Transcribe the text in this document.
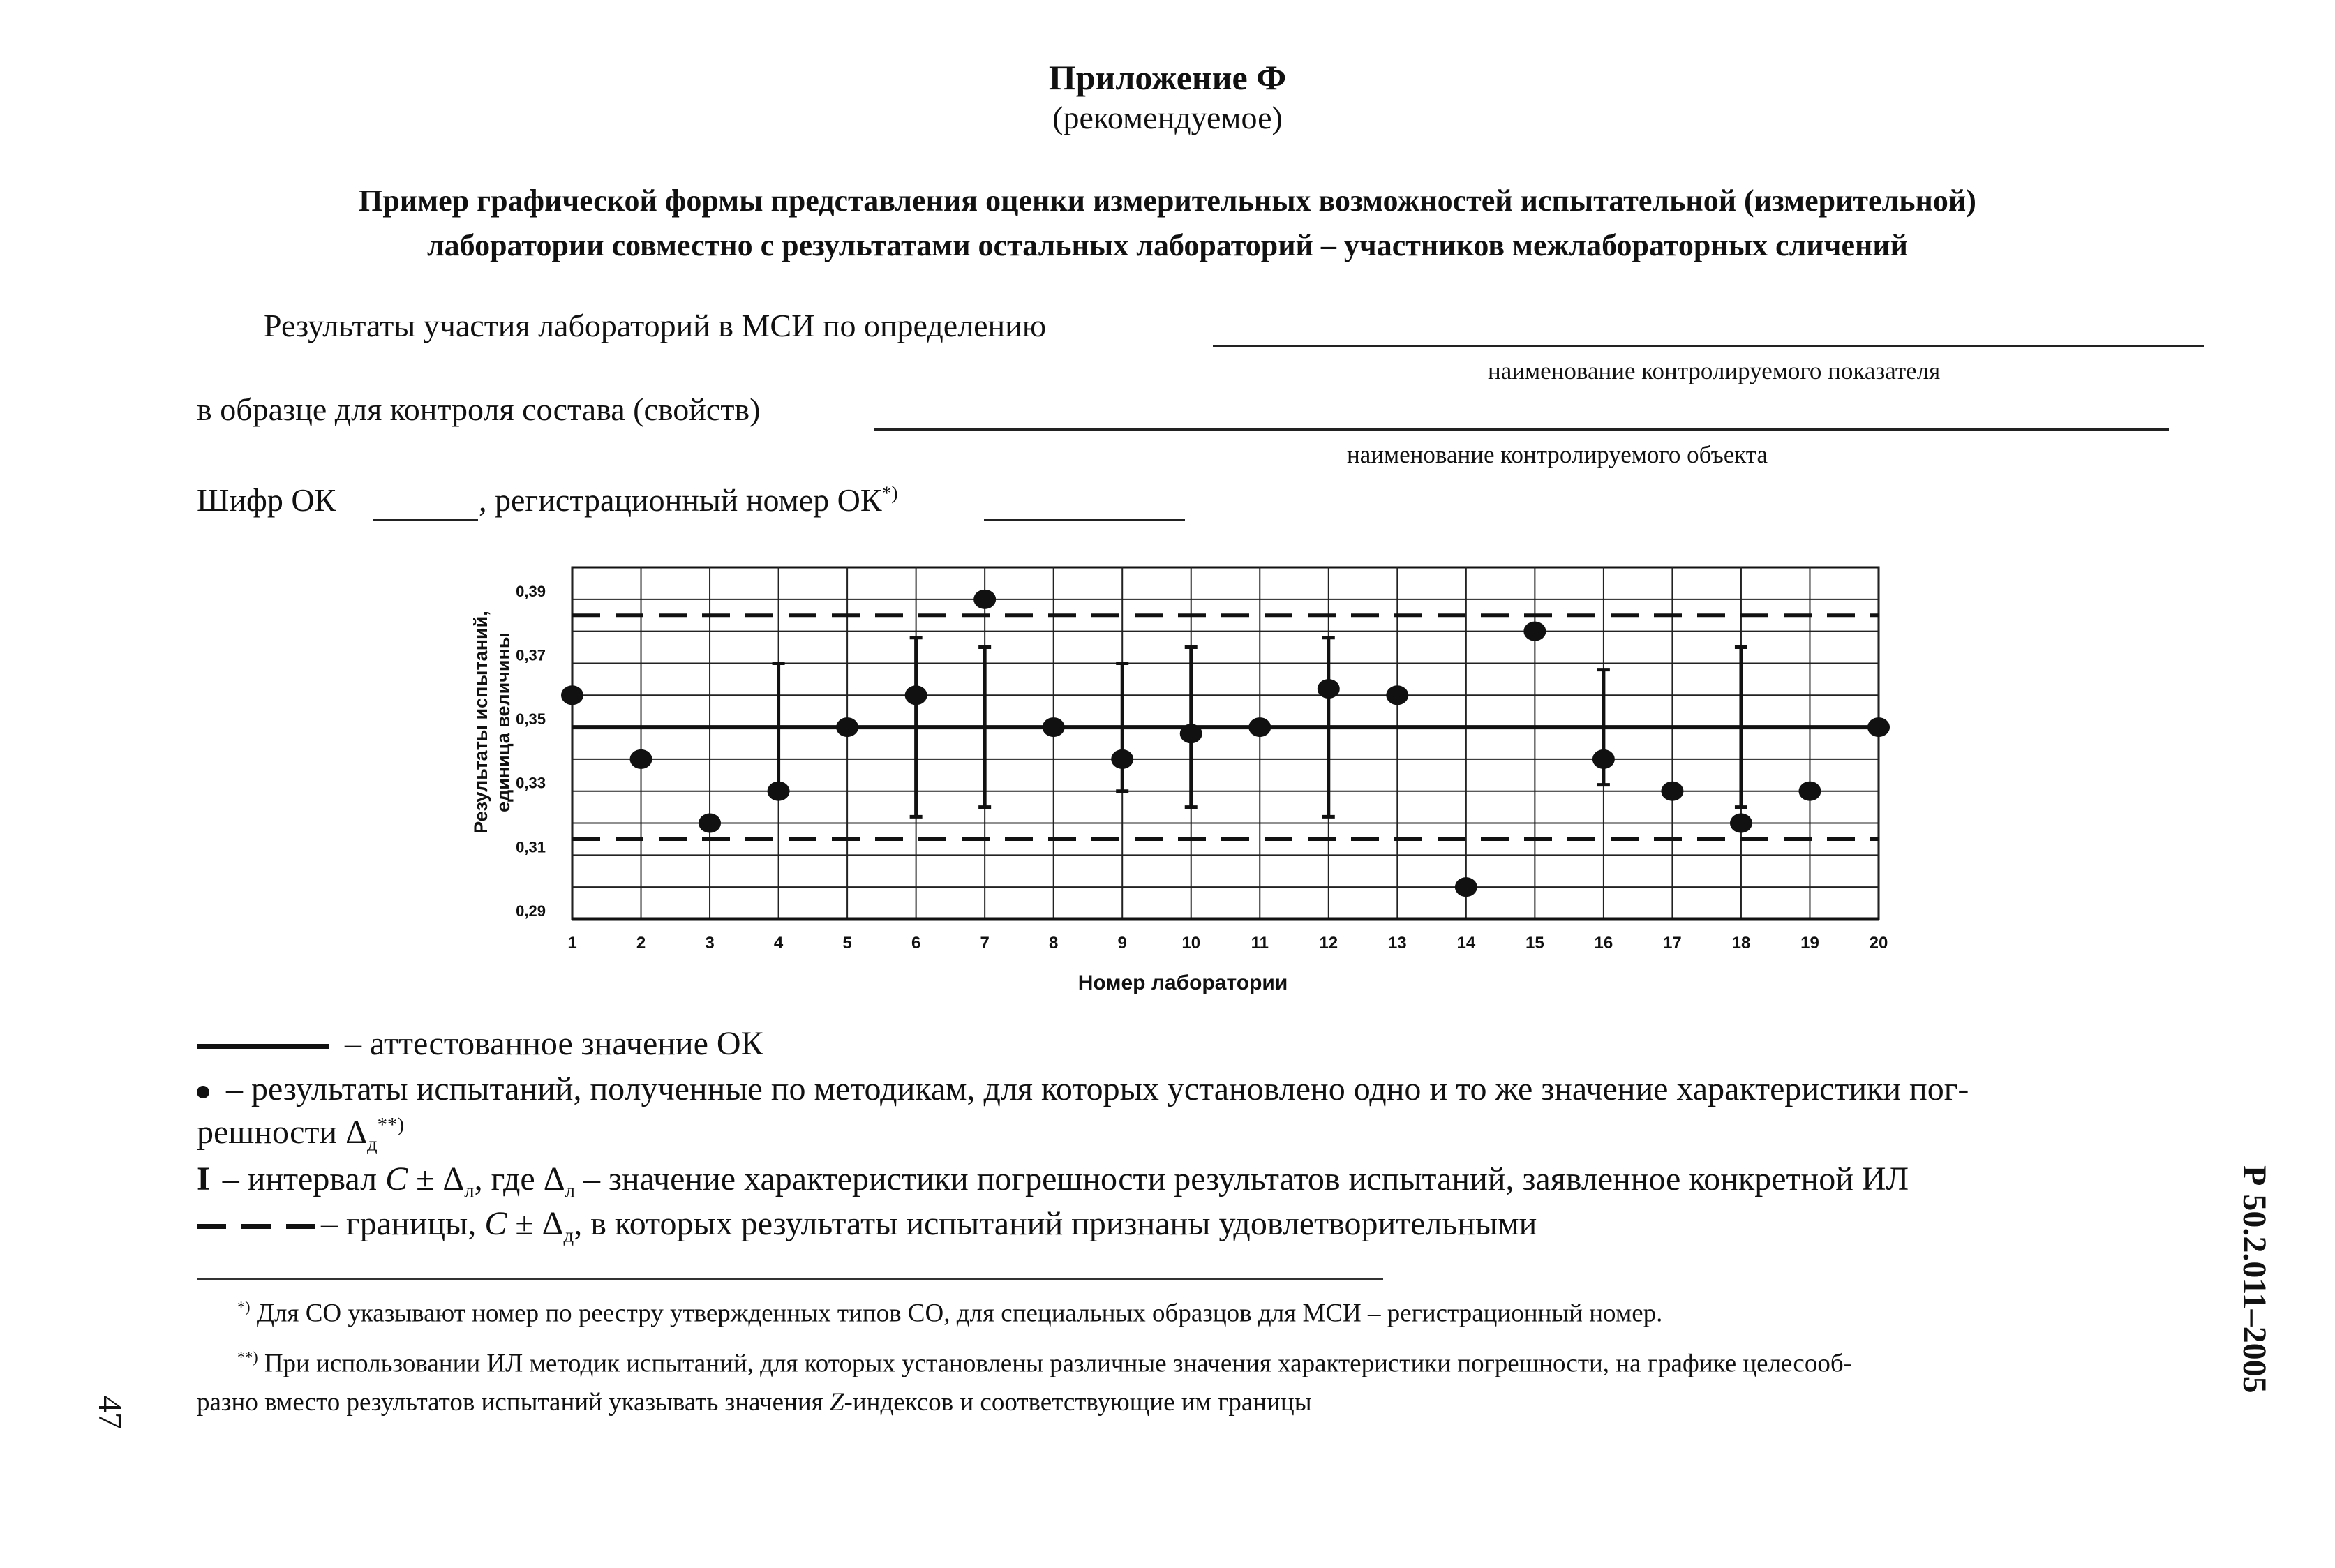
Приложение Ф
(рекомендуемое)
Пример графической формы представления оценки измерительных возможностей испытательной (измерительной)
лаборатории совместно с результатами остальных лабораторий – участников межлабораторных сличений
Результаты участия лабораторий в МСИ по определению
наименование контролируемого показателя
в образце для контроля состава (свойств)
наименование контролируемого объекта
Шифр ОК	, регистрационный номер ОК*)
1	2	3	4	5	6	7	8	9	10	11	12	13	14	15	16	17	18	19	20
0,29
0,31
0,33
0,35
0,37
0,39
Номер лаборатории
Результаты испытаний, единица величины
– аттестованное значение ОК
– результаты испытаний, полученные по методикам, для которых установлено одно и то же значение характеристики пог-
решности $\Delta_д^{**)}$
I – интервал $C \pm \Delta_л$, где $\Delta_л$ – значение характеристики погрешности результатов испытаний, заявленное конкретной ИЛ
– границы, $C \pm \Delta_д$, в которых результаты испытаний признаны удовлетворительными
*) Для СО указывают номер по реестру утвержденных типов СО, для специальных образцов для МСИ – регистрационный номер.
**) При использовании ИЛ методик испытаний, для которых установлены различные значения характеристики погрешности, на графике целесооб-
разно вместо результатов испытаний указывать значения Z-индексов и соответствующие им границы
47
Р 50.2.011–2005
